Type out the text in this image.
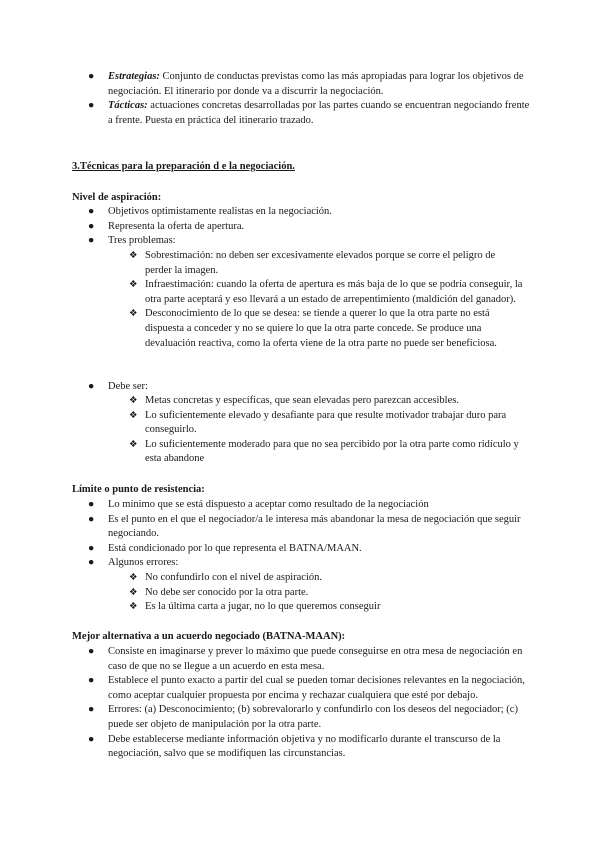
● Estrategias: Conjunto de conductas previstas como las más apropiadas para lograr los objetivos de negociación. El itinerario por donde va a discurrir la negociación.
● Tácticas: actuaciones concretas desarrolladas por las partes cuando se encuentran negociando frente a frente. Puesta en práctica del itinerario trazado.
3.Técnicas para la preparación d e la negociación.
Nivel de aspiración:
● Objetivos optimistamente realistas en la negociación.
● Representa la oferta de apertura.
● Tres problemas:
❖ Sobrestimación: no deben ser excesivamente elevados porque se corre el peligro de perder la imagen.
❖ Infraestimación: cuando la oferta de apertura es más baja de lo que se podría conseguir, la otra parte aceptará y eso llevará a un estado de arrepentimiento (maldición del ganador).
❖ Desconocimiento de lo que se desea: se tiende a querer lo que la otra parte no está dispuesta a conceder y no se quiere lo que la otra parte concede. Se produce una devaluación reactiva, como la oferta viene de la otra parte no puede ser beneficiosa.
● Debe ser:
❖ Metas concretas y específicas, que sean elevadas pero parezcan accesibles.
❖ Lo suficientemente elevado y desafiante para que resulte motivador trabajar duro para conseguirlo.
❖ Lo suficientemente moderado para que no sea percibido por la otra parte como ridículo y esta abandone
Límite o punto de resistencia:
● Lo mínimo que se está dispuesto a aceptar como resultado de la negociación
● Es el punto en el que el negociador/a le interesa más abandonar la mesa de negociación que seguir negociando.
● Está condicionado por lo que representa el BATNA/MAAN.
● Algunos errores:
❖ No confundirlo con el nivel de aspiración.
❖ No debe ser conocido por la otra parte.
❖ Es la última carta a jugar, no lo que queremos conseguir
Mejor alternativa a un acuerdo negociado (BATNA-MAAN):
● Consiste en imaginarse y prever lo máximo que puede conseguirse en otra mesa de negociación en caso de que no se llegue a un acuerdo en esta mesa.
● Establece el punto exacto a partir del cual se pueden tomar decisiones relevantes en la negociación, como aceptar cualquier propuesta por encima y rechazar cualquiera que esté por debajo.
● Errores: (a) Desconocimiento; (b) sobrevalorarlo y confundirlo con los deseos del negociador; (c) puede ser objeto de manipulación por la otra parte.
● Debe establecerse mediante información objetiva y no modificarlo durante el transcurso de la negociación, salvo que se modifiquen las circunstancias.
